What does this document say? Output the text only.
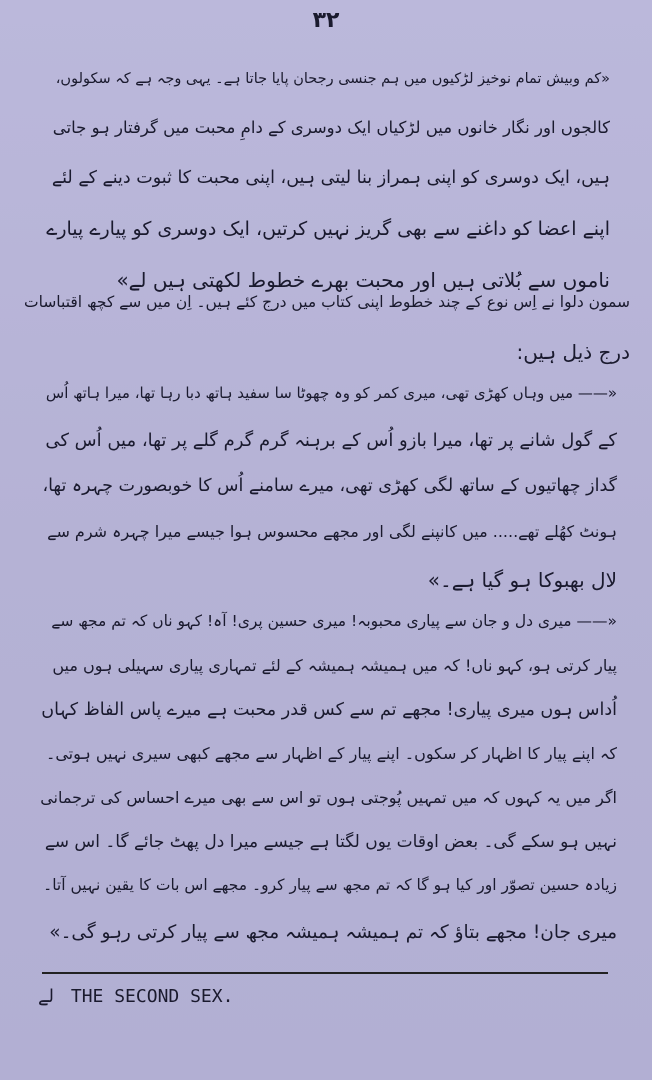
۳۲
«کم وبیش تمام نوخیز لڑکیوں میں ہم جنسی رجحان پایا جاتا ہے۔ یہی وجہ ہے کہ سکولوں،
کالجوں اور نگار خانوں میں لڑکیاں ایک دوسری کے دامِ محبت میں گرفتار ہو جاتی
ہیں، ایک دوسری کو اپنی ہمراز بنا لیتی ہیں، اپنی محبت کا ثبوت دینے کے لئے
اپنے اعضا کو داغنے سے بھی گریز نہیں کرتیں، ایک دوسری کو پیارے پیارے
ناموں سے بُلاتی ہیں اور محبت بھرے خطوط لکھتی ہیں لے»
سمون دلوا نے اِس نوع کے چند خطوط اپنی کتاب میں درج کئے ہیں۔ اِن میں سے کچھ اقتباسات
درج ذیل ہیں:
«—— میں وہاں کھڑی تھی، میری کمر کو وہ چھوٹا سا سفید ہاتھ دبا رہا تھا، میرا ہاتھ اُس
کے گول شانے پر تھا، میرا بازو اُس کے برہنہ گرم گرم گلے پر تھا، میں اُس کی
گداز چھاتیوں کے ساتھ لگی کھڑی تھی، میرے سامنے اُس کا خوبصورت چہرہ تھا،
ہونٹ کھُلے تھے..... میں کانپنے لگی اور مجھے محسوس ہوا جیسے میرا چہرہ شرم سے
لال بھبوکا ہو گیا ہے۔»
«—— میری دل و جان سے پیاری محبوبہ! میری حسین پری! آہ! کہو ناں کہ تم مجھ سے
پیار کرتی ہو، کہو ناں! کہ میں ہمیشہ ہمیشہ کے لئے تمہاری پیاری سہیلی ہوں میں
اُداس ہوں میری پیاری! مجھے تم سے کس قدر محبت ہے میرے پاس الفاظ کہاں
کہ اپنے پیار کا اظہار کر سکوں۔ اپنے پیار کے اظہار سے مجھے کبھی سیری نہیں ہوتی۔
اگر میں یہ کہوں کہ میں تمہیں پُوجتی ہوں تو اس سے بھی میرے احساس کی ترجمانی
نہیں ہو سکے گی۔ بعض اوقات یوں لگتا ہے جیسے میرا دل پھٹ جائے گا۔ اس سے
زیادہ حسین تصوّر اور کیا ہو گا کہ تم مجھ سے پیار کرو۔ مجھے اس بات کا یقین نہیں آتا۔
میری جان! مجھے بتاؤ کہ تم ہمیشہ ہمیشہ مجھ سے پیار کرتی رہو گی۔»
لے THE SECOND SEX.
